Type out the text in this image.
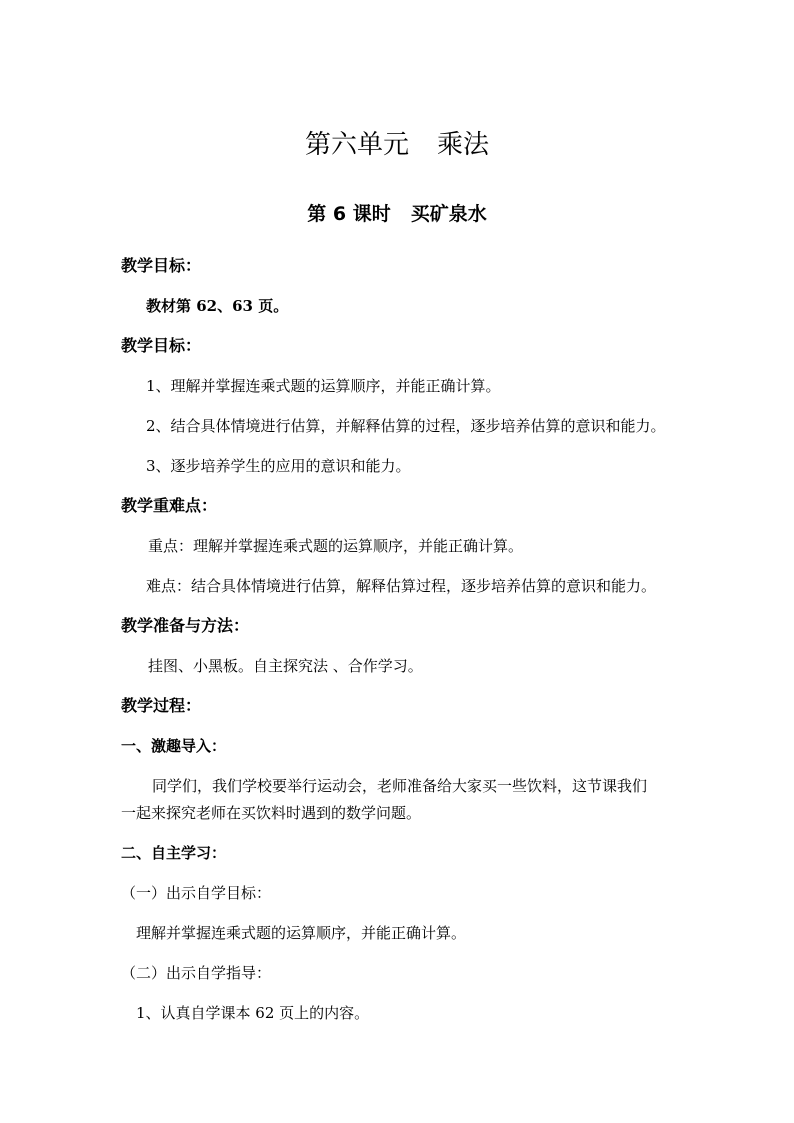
第六单元 乘法
第 6 课时 买矿泉水
教学目标：
教材第 62、63 页。
教学目标：
1、理解并掌握连乘式题的运算顺序，并能正确计算。
2、结合具体情境进行估算，并解释估算的过程，逐步培养估算的意识和能力。
3、逐步培养学生的应用的意识和能力。
教学重难点：
重点：理解并掌握连乘式题的运算顺序，并能正确计算。
难点：结合具体情境进行估算，解释估算过程，逐步培养估算的意识和能力。
教学准备与方法：
挂图、小黑板。自主探究法 、合作学习。
教学过程：
一、激趣导入：
同学们，我们学校要举行运动会，老师准备给大家买一些饮料，这节课我们
一起来探究老师在买饮料时遇到的数学问题。
二、自主学习：
（一）出示自学目标：
理解并掌握连乘式题的运算顺序，并能正确计算。
（二）出示自学指导：
1、认真自学课本 62 页上的内容。
